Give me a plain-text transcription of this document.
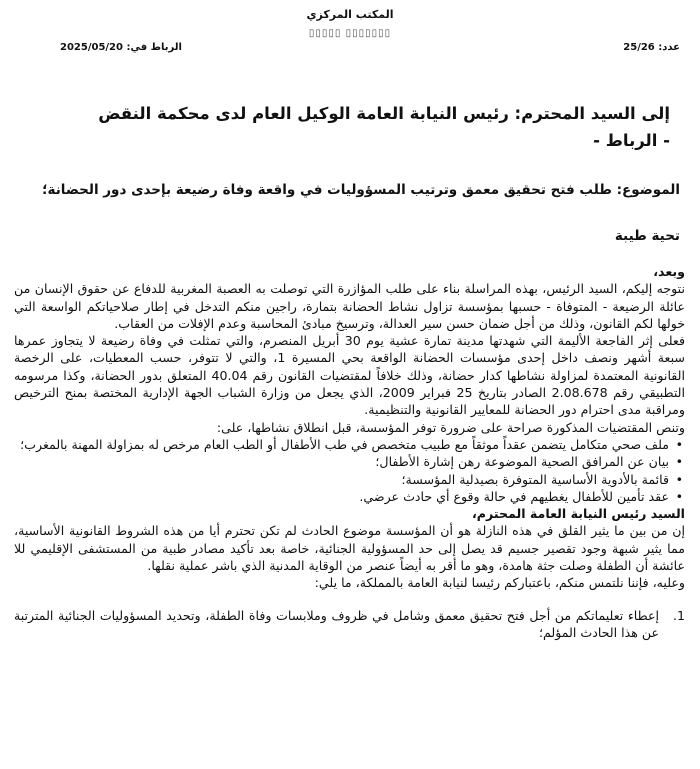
المكتب المركزي
▯▯▯▯▯ ▯▯▯▯▯▯▯
عدد: 25/26
الرباط في: 2025/05/20
إلى السيد المحترم: رئيس النيابة العامة الوكيل العام لدى محكمة النقض
- الرباط -
الموضوع: طلب فتح تحقيق معمق وترتيب المسؤوليات في واقعة وفاة رضيعة بإحدى دور الحضانة؛
تحية طيبة

وبعد،

نتوجه إليكم، السيد الرئيس، بهذه المراسلة بناء على طلب المؤازرة التي توصلت به العصبة المغربية للدفاع عن حقوق الإنسان من عائلة الرضيعة - المتوفاة - حسبها بمؤسسة تزاول نشاط الحضانة بتمارة، راجين منكم التدخل في إطار صلاحياتكم الواسعة التي خولها لكم القانون، وذلك من أجل ضمان حسن سير العدالة، وترسيخ مبادئ المحاسبة وعدم الإفلات من العقاب.

فعلى إثر الفاجعة الأليمة التي شهدتها مدينة تمارة عشية يوم 30 أبريل المنصرم، والتي تمثلت في وفاة رضيعة لا يتجاوز عمرها سبعة أشهر ونصف داخل إحدى مؤسسات الحضانة الواقعة بحي المسيرة 1، والتي لا تتوفر، حسب المعطيات، على الرخصة القانونية المعتمدة لمزاولة نشاطها كدار حضانة، وذلك خلافاً لمقتضيات القانون رقم 40.04 المتعلق بدور الحضانة، وكذا مرسومه التطبيقي رقم 2.08.678 الصادر بتاريخ 25 فبراير 2009، الذي يجعل من وزارة الشباب الجهة الإدارية المختصة بمنح الترخيص ومراقبة مدى احترام دور الحضانة للمعايير القانونية والتنظيمية.

وتنص المقتضيات المذكورة صراحة على ضرورة توفر المؤسسة، قبل انطلاق نشاطها، على:

•
ملف صحي متكامل يتضمن عقداً موثقاً مع طبيب متخصص في طب الأطفال أو الطب العام مرخص له بمزاولة المهنة بالمغرب؛

•
بيان عن المرافق الصحية الموضوعة رهن إشارة الأطفال؛

•
قائمة بالأدوية الأساسية المتوفرة بصيدلية المؤسسة؛

•
عقد تأمين للأطفال يغطيهم في حالة وقوع أي حادث عرضي.

السيد رئيس النيابة العامة المحترم،

إن من بين ما يثير القلق في هذه النازلة هو أن المؤسسة موضوع الحادث لم تكن تحترم أيا من هذه الشروط القانونية الأساسية، مما يثير شبهة وجود تقصير جسيم قد يصل إلى حد المسؤولية الجنائية، خاصة بعد تأكيد مصادر طبية من المستشفى الإقليمي للا عائشة أن الطفلة وصلت جثة هامدة، وهو ما أقر به أيضاً عنصر من الوقاية المدنية الذي باشر عملية نقلها.

وعليه، فإننا نلتمس منكم، باعتباركم رئيسا لنيابة العامة بالمملكة، ما يلي:

1.
إعطاء تعليماتكم من أجل فتح تحقيق معمق وشامل في ظروف وملابسات وفاة الطفلة، وتحديد المسؤوليات الجنائية المترتبة عن هذا الحادث المؤلم؛
